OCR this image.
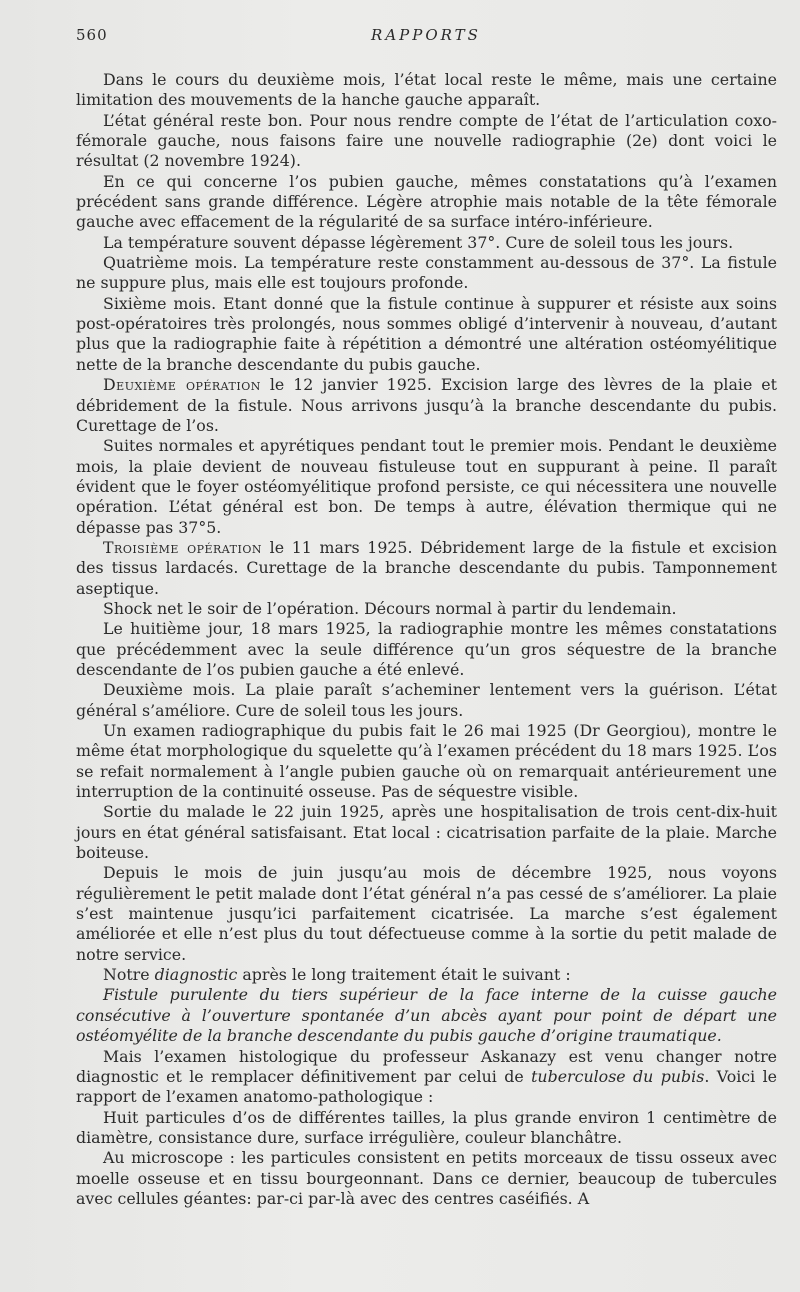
560	RAPPORTS

Dans le cours du deuxième mois, l’état local reste le même, mais une certaine limitation des mouvements de la hanche gauche apparaît.

L’état général reste bon. Pour nous rendre compte de l’état de l’articulation coxo-fémorale gauche, nous faisons faire une nouvelle radiographie (2e) dont voici le résultat (2 novembre 1924).

En ce qui concerne l’os pubien gauche, mêmes constatations qu’à l’examen précédent sans grande différence. Légère atrophie mais notable de la tête fémorale gauche avec effacement de la régularité de sa surface intéro-inférieure.

La température souvent dépasse légèrement 37°. Cure de soleil tous les jours.

Quatrième mois. La température reste constamment au-dessous de 37°. La fistule ne suppure plus, mais elle est toujours profonde.

Sixième mois. Etant donné que la fistule continue à suppurer et résiste aux soins post-opératoires très prolongés, nous sommes obligé d’intervenir à nouveau, d’autant plus que la radiographie faite à répétition a démontré une altération ostéomyélitique nette de la branche descendante du pubis gauche.

Deuxième opération le 12 janvier 1925. Excision large des lèvres de la plaie et débridement de la fistule. Nous arrivons jusqu’à la branche descendante du pubis. Curettage de l’os.

Suites normales et apyrétiques pendant tout le premier mois. Pendant le deuxième mois, la plaie devient de nouveau fistuleuse tout en suppurant à peine. Il paraît évident que le foyer ostéomyélitique profond persiste, ce qui nécessitera une nouvelle opération. L’état général est bon. De temps à autre, élévation thermique qui ne dépasse pas 37°5.

Troisième opération le 11 mars 1925. Débridement large de la fistule et excision des tissus lardacés. Curettage de la branche descendante du pubis. Tamponnement aseptique.

Shock net le soir de l’opération. Décours normal à partir du lendemain.

Le huitième jour, 18 mars 1925, la radiographie montre les mêmes constatations que précédemment avec la seule différence qu’un gros séquestre de la branche descendante de l’os pubien gauche a été enlevé.

Deuxième mois. La plaie paraît s’acheminer lentement vers la guérison. L’état général s’améliore. Cure de soleil tous les jours.

Un examen radiographique du pubis fait le 26 mai 1925 (Dr Georgiou), montre le même état morphologique du squelette qu’à l’examen précédent du 18 mars 1925. L’os se refait normalement à l’angle pubien gauche où on remarquait antérieurement une interruption de la continuité osseuse. Pas de séquestre visible.

Sortie du malade le 22 juin 1925, après une hospitalisation de trois cent-dix-huit jours en état général satisfaisant. Etat local : cicatrisation parfaite de la plaie. Marche boiteuse.

Depuis le mois de juin jusqu’au mois de décembre 1925, nous voyons régulièrement le petit malade dont l’état général n’a pas cessé de s’améliorer. La plaie s’est maintenue jusqu’ici parfaitement cicatrisée. La marche s’est également améliorée et elle n’est plus du tout défectueuse comme à la sortie du petit malade de notre service.

Notre diagnostic après le long traitement était le suivant :

Fistule purulente du tiers supérieur de la face interne de la cuisse gauche consécutive à l’ouverture spontanée d’un abcès ayant pour point de départ une ostéomyélite de la branche descendante du pubis gauche d’origine traumatique.

Mais l’examen histologique du professeur Askanazy est venu changer notre diagnostic et le remplacer définitivement par celui de tuberculose du pubis. Voici le rapport de l’examen anatomo-pathologique :

Huit particules d’os de différentes tailles, la plus grande environ 1 centimètre de diamètre, consistance dure, surface irrégulière, couleur blanchâtre.

Au microscope : les particules consistent en petits morceaux de tissu osseux avec moelle osseuse et en tissu bourgeonnant. Dans ce dernier, beaucoup de tubercules avec cellules géantes: par-ci par-là avec des centres caséifiés. A
